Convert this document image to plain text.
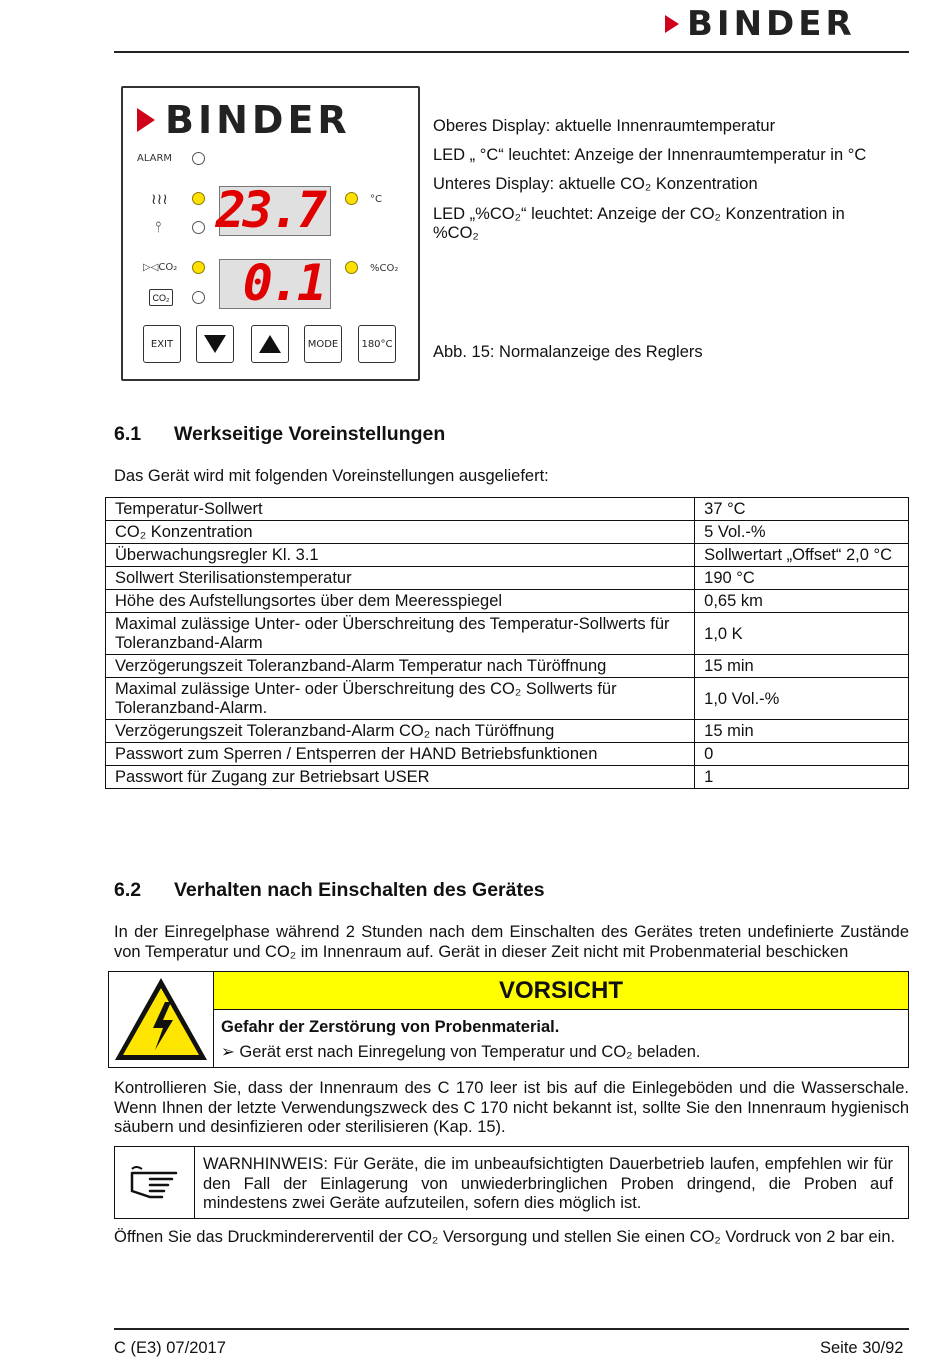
BINDER
BINDER
ALARM
≀≀≀
⫯ 23.7	°C
▷◁CO₂
CO₂ 0.1	%CO₂
EXIT	MODE	180°C
Oberes Display: aktuelle Innenraumtemperatur
LED „ °C“ leuchtet: Anzeige der Innenraumtemperatur in °C
Unteres Display: aktuelle CO₂ Konzentration
LED „%CO₂“ leuchtet: Anzeige der CO₂ Konzentration in %CO₂
Abb. 15: Normalanzeige des Reglers
6.1 Werkseitige Voreinstellungen
Das Gerät wird mit folgenden Voreinstellungen ausgeliefert:
Temperatur-Sollwert	37 °C
CO₂ Konzentration	5 Vol.-%
Überwachungsregler Kl. 3.1	Sollwertart „Offset“ 2,0 °C
Sollwert Sterilisationstemperatur	190 °C
Höhe des Aufstellungsortes über dem Meeresspiegel	0,65 km
Maximal zulässige Unter- oder Überschreitung des Temperatur-Sollwerts für Toleranzband-Alarm	1,0 K
Verzögerungszeit Toleranzband-Alarm Temperatur nach Türöffnung	15 min
Maximal zulässige Unter- oder Überschreitung des CO₂ Sollwerts für Toleranzband-Alarm.	1,0 Vol.-%
Verzögerungszeit Toleranzband-Alarm CO₂ nach Türöffnung	15 min
Passwort zum Sperren / Entsperren der HAND Betriebsfunktionen	0
Passwort für Zugang zur Betriebsart USER	1
6.2 Verhalten nach Einschalten des Gerätes
In der Einregelphase während 2 Stunden nach dem Einschalten des Gerätes treten undefinierte Zustände von Temperatur und CO₂ im Innenraum auf. Gerät in dieser Zeit nicht mit Probenmaterial beschicken
VORSICHT
Gefahr der Zerstörung von Probenmaterial.
➢ Gerät erst nach Einregelung von Temperatur und CO₂ beladen.
Kontrollieren Sie, dass der Innenraum des C 170 leer ist bis auf die Einlegeböden und die Wasserschale. Wenn Ihnen der letzte Verwendungszweck des C 170 nicht bekannt ist, sollte Sie den Innenraum hygienisch säubern und desinfizieren oder sterilisieren (Kap. 15).
WARNHINWEIS: Für Geräte, die im unbeaufsichtigten Dauerbetrieb laufen, empfehlen wir für den Fall der Einlagerung von unwiederbringlichen Proben dringend, die Proben auf mindestens zwei Geräte aufzuteilen, sofern dies möglich ist.
Öffnen Sie das Druckmindererventil der CO₂ Versorgung und stellen Sie einen CO₂ Vordruck von 2 bar ein.
C (E3) 07/2017	Seite 30/92
